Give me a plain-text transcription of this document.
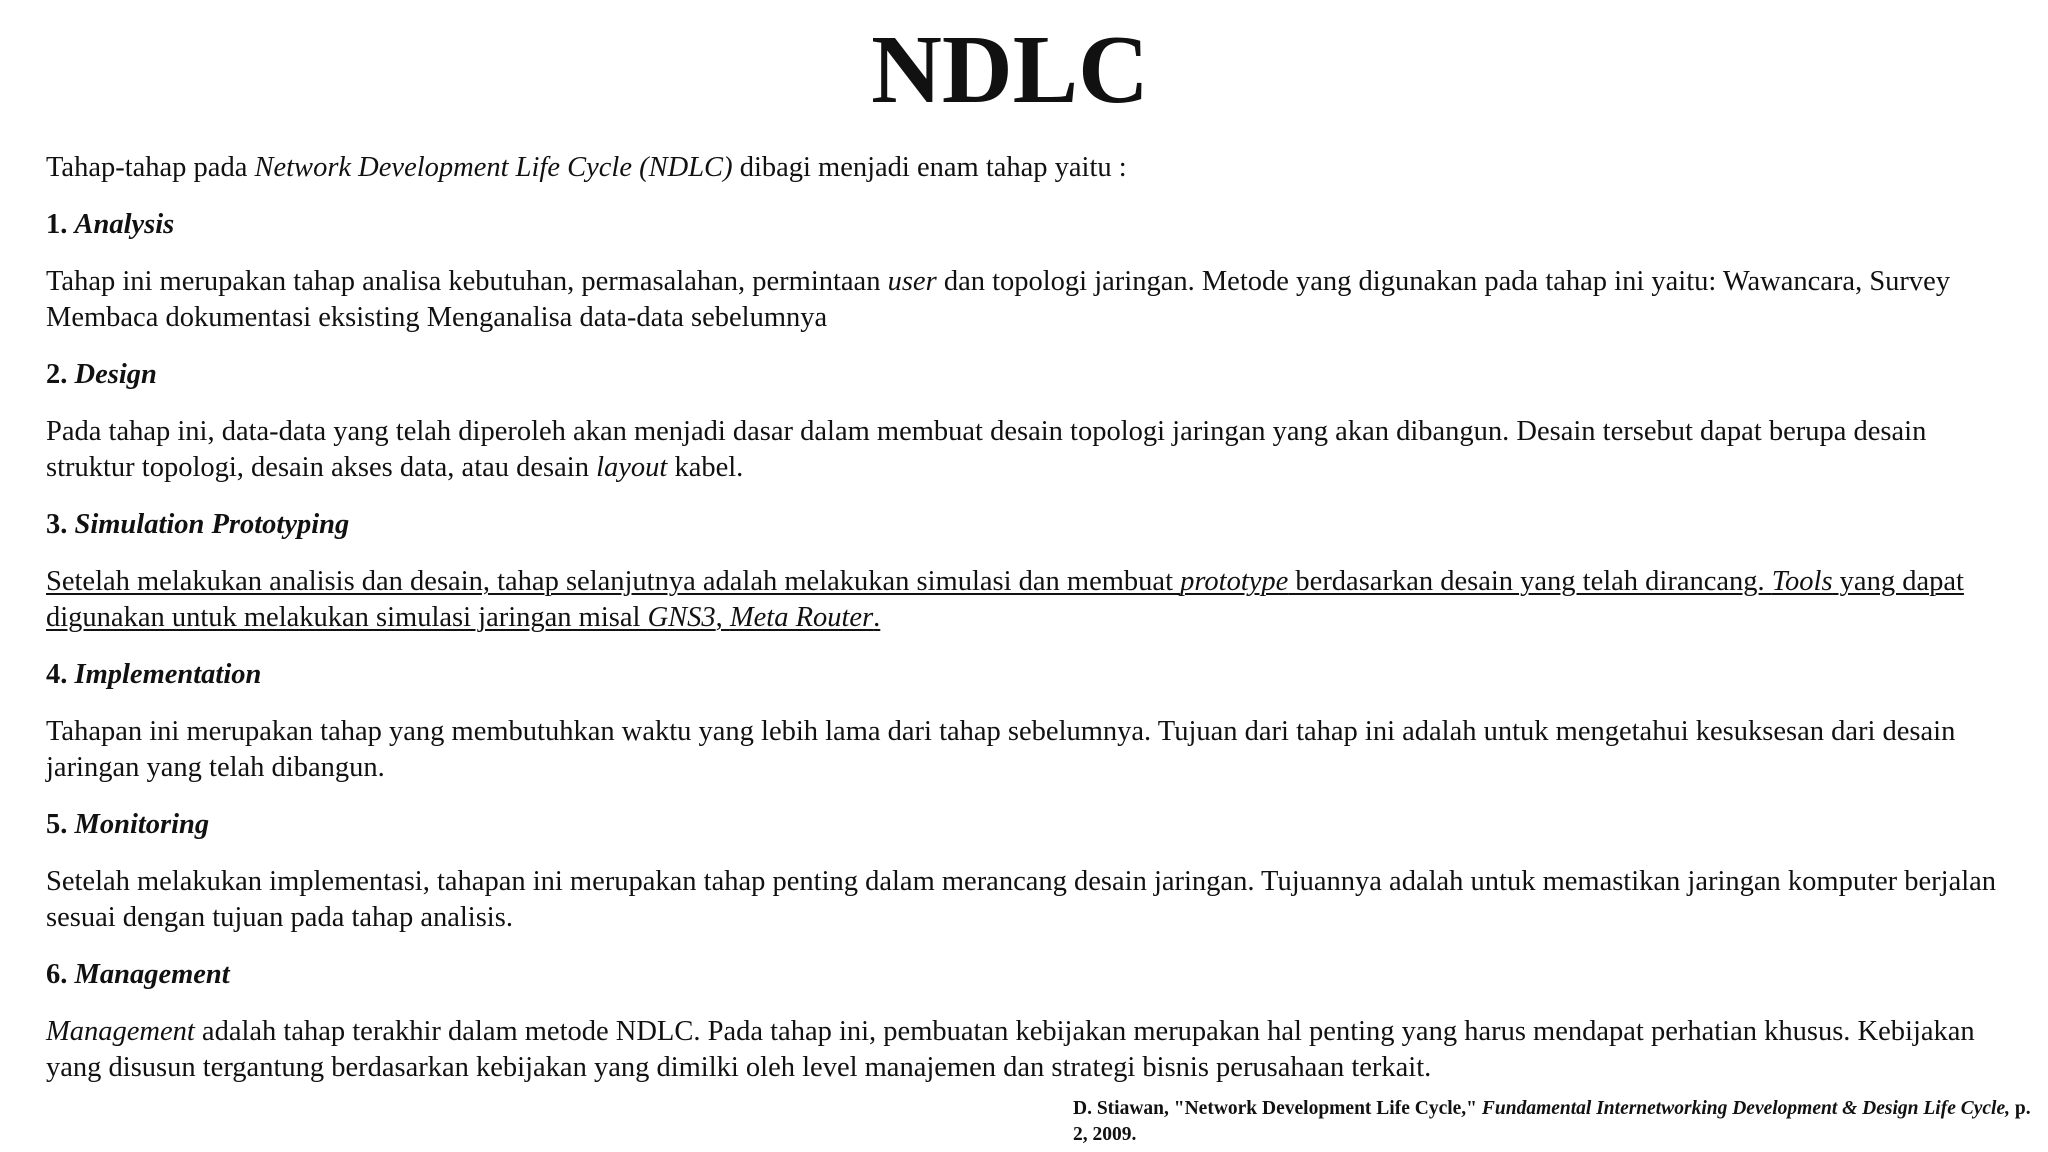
NDLC

Tahap-tahap pada Network Development Life Cycle (NDLC) dibagi menjadi enam tahap yaitu :

1. Analysis

Tahap ini merupakan tahap analisa kebutuhan, permasalahan, permintaan user dan topologi jaringan. Metode yang digunakan pada tahap ini yaitu: Wawancara, Survey Membaca dokumentasi eksisting Menganalisa data-data sebelumnya

2. Design

Pada tahap ini, data-data yang telah diperoleh akan menjadi dasar dalam membuat desain topologi jaringan yang akan dibangun. Desain tersebut dapat berupa desain struktur topologi, desain akses data, atau desain layout kabel.

3. Simulation Prototyping

Setelah melakukan analisis dan desain, tahap selanjutnya adalah melakukan simulasi dan membuat prototype berdasarkan desain yang telah dirancang. Tools yang dapat digunakan untuk melakukan simulasi jaringan misal GNS3, Meta Router.

4. Implementation

Tahapan ini merupakan tahap yang membutuhkan waktu yang lebih lama dari tahap sebelumnya. Tujuan dari tahap ini adalah untuk mengetahui kesuksesan dari desain jaringan yang telah dibangun.

5. Monitoring

Setelah melakukan implementasi, tahapan ini merupakan tahap penting dalam merancang desain jaringan. Tujuannya adalah untuk memastikan jaringan komputer berjalan sesuai dengan tujuan pada tahap analisis.

6. Management

Management adalah tahap terakhir dalam metode NDLC. Pada tahap ini, pembuatan kebijakan merupakan hal penting yang harus mendapat perhatian khusus. Kebijakan yang disusun tergantung berdasarkan kebijakan yang dimilki oleh level manajemen dan strategi bisnis perusahaan terkait.

D. Stiawan, "Network Development Life Cycle," Fundamental Internetworking Development & Design Life Cycle, p. 2, 2009.
